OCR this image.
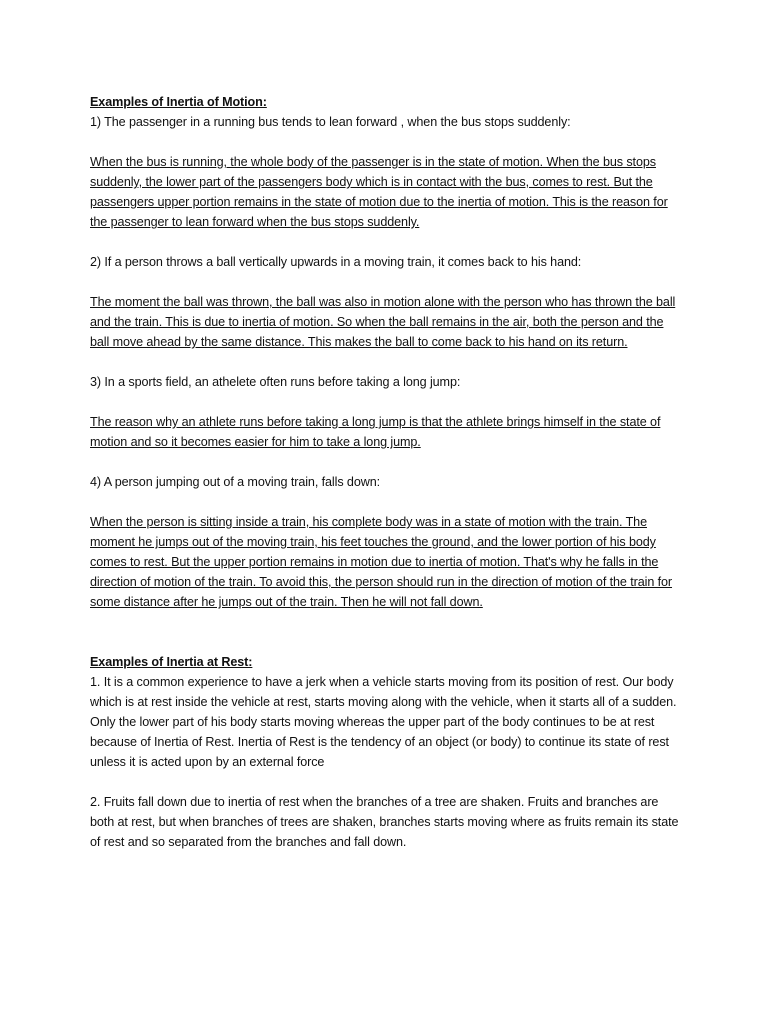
Examples of Inertia of Motion:

1) The passenger in a running bus tends to lean forward , when the bus stops suddenly:

When the bus is running, the whole body of the passenger is in the state of motion. When the bus stops suddenly, the lower part of the passengers body which is in contact with the bus, comes to rest. But the passengers upper portion remains in the state of motion due to the inertia of motion. This is the reason for the passenger to lean forward when the bus stops suddenly.

2) If a person throws a ball vertically upwards in a moving train, it comes back to his hand:

The moment the ball was thrown, the ball was also in motion alone with the person who has thrown the ball and the train. This is due to inertia of motion. So when the ball remains in the air, both the person and the ball move ahead by the same distance. This makes the ball to come back to his hand on its return.

3) In a sports field, an athelete often runs before taking a long jump:

The reason why an athlete runs before taking a long jump is that the athlete brings himself in the state of motion and so it becomes easier for him to take a long jump.

4) A person jumping out of a moving train, falls down:

When the person is sitting inside a train, his complete body was in a state of motion with the train. The moment he jumps out of the moving train, his feet touches the ground, and the lower portion of his body comes to rest. But the upper portion remains in motion due to inertia of motion. That's why he falls in the direction of motion of the train. To avoid this, the person should run in the direction of motion of the train for some distance after he jumps out of the train. Then he will not fall down.

Examples of Inertia at Rest:

1. It is a common experience to have a jerk when a vehicle starts moving from its position of rest. Our body which is at rest inside the vehicle at rest, starts moving along with the vehicle, when it starts all of a sudden. Only the lower part of his body starts moving whereas the upper part of the body continues to be at rest because of Inertia of Rest. Inertia of Rest is the tendency of an object (or body) to continue its state of rest unless it is acted upon by an external force

2. Fruits fall down due to inertia of rest when the branches of a tree are shaken. Fruits and branches are both at rest, but when branches of trees are shaken, branches starts moving where as fruits remain its state of rest and so separated from the branches and fall down.
